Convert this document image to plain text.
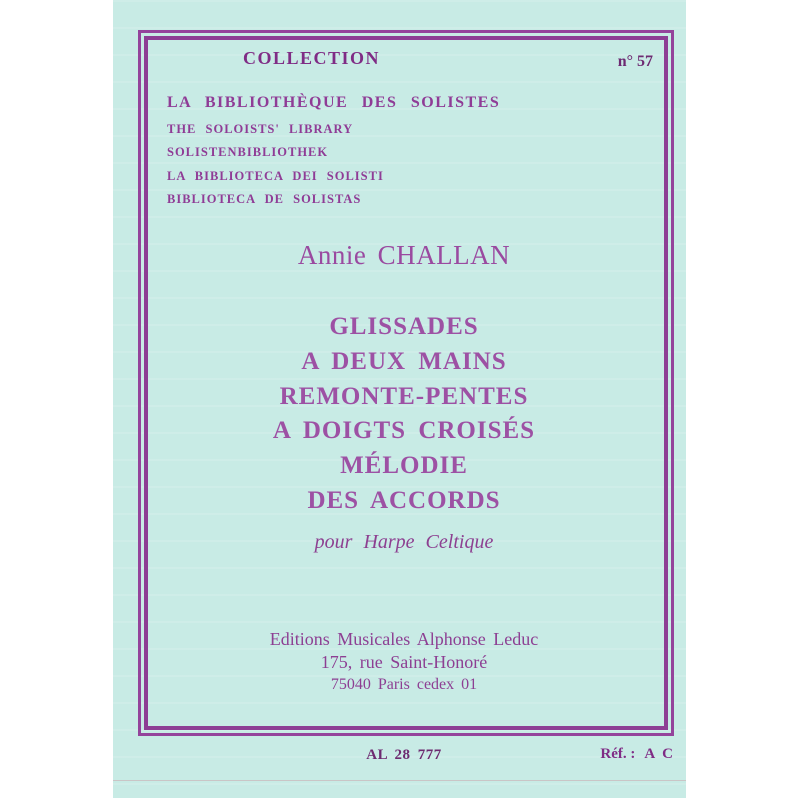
COLLECTION	n° 57
LA BIBLIOTHÈQUE DES SOLISTES
THE SOLOISTS' LIBRARY
SOLISTENBIBLIOTHEK
LA BIBLIOTECA DEI SOLISTI
BIBLIOTECA DE SOLISTAS
Annie CHALLAN
GLISSADES
A DEUX MAINS
REMONTE-PENTES
A DOIGTS CROISÉS
MÉLODIE
DES ACCORDS
pour Harpe Celtique
Editions Musicales Alphonse Leduc
175, rue Saint-Honoré
75040 Paris cedex 01
AL 28 777	Réf. : A C
